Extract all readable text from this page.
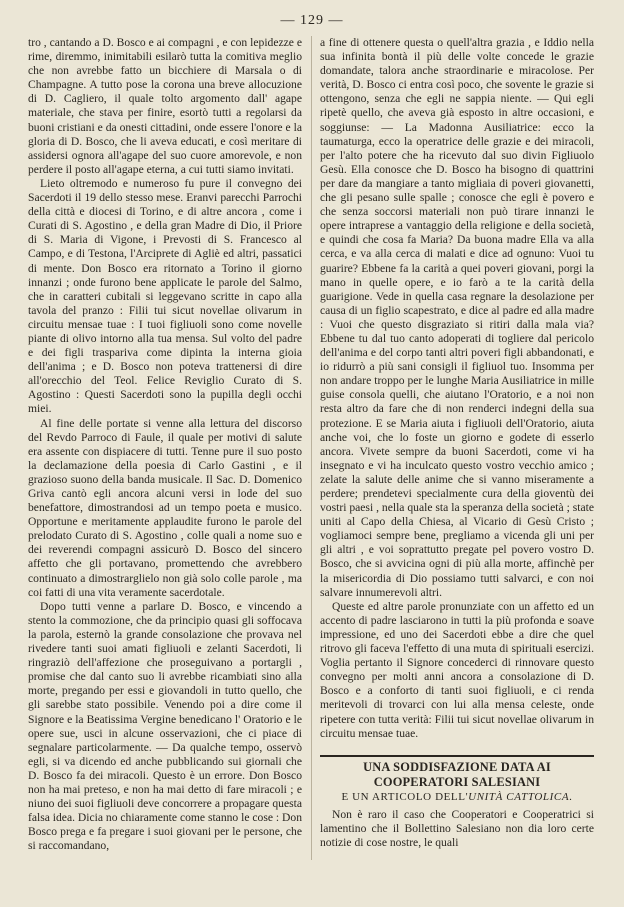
— 129 —

tro , cantando a D. Bosco e ai compagni , e con lepidezze e rime, diremmo, inimitabili esilarò tutta la comitiva meglio che non avrebbe fatto un bicchiere di Marsala o di Champagne. A tutto pose la corona una breve allocuzione di D. Cagliero, il quale tolto argomento dall' agape materiale, che stava per finire, esortò tutti a regolarsi da buoni cristiani e da onesti cittadini, onde essere l'onore e la gloria di D. Bosco, che li aveva educati, e così meritare di assidersi ognora all'agape del suo cuore amorevole, e non perdere il posto all'agape eterna, a cui tutti siamo invitati.

Lieto oltremodo e numeroso fu pure il convegno dei Sacerdoti il 19 dello stesso mese. Eranvi parecchi Parrochi della città e diocesi di Torino, e di altre ancora , come i Curati di S. Agostino , e della gran Madre di Dio, il Priore di S. Maria di Vigone, i Prevosti di S. Francesco al Campo, e di Testona, l'Arciprete di Agliè ed altri, passatici di mente. Don Bosco era ritornato a Torino il giorno innanzi ; onde furono bene applicate le parole del Salmo, che in caratteri cubitali si leggevano scritte in capo alla tavola del pranzo : Filii tui sicut novellae olivarum in circuitu mensae tuae : I tuoi figliuoli sono come novelle piante di olivo intorno alla tua mensa. Sul volto del padre e dei figli traspariva come dipinta la interna gioia dell'anima ; e D. Bosco non poteva trattenersi di dire all'orecchio del Teol. Felice Reviglio Curato di S. Agostino : Questi Sacerdoti sono la pupilla degli occhi miei.

Al fine delle portate si venne alla lettura del discorso del Revdo Parroco di Faule, il quale per motivi di salute era assente con dispiacere di tutti. Tenne pure il suo posto la declamazione della poesia di Carlo Gastini , e il grazioso suono della banda musicale. Il Sac. D. Domenico Griva cantò egli ancora alcuni versi in lode del suo benefattore, dimostrandosi ad un tempo poeta e musico. Opportune e meritamente applaudite furono le parole del prelodato Curato di S. Agostino , colle quali a nome suo e dei reverendi compagni assicurò D. Bosco del sincero affetto che gli portavano, promettendo che avrebbero continuato a dimostrarglielo non già solo colle parole , ma coi fatti di una vita veramente sacerdotale.

Dopo tutti venne a parlare D. Bosco, e vincendo a stento la commozione, che da principio quasi gli soffocava la parola, esternò la grande consolazione che provava nel rivedere tanti suoi amati figliuoli e zelanti Sacerdoti, li ringraziò dell'affezione che proseguivano a portargli , promise che dal canto suo li avrebbe ricambiati sino alla morte, pregando per essi e giovandoli in tutto quello, che gli sarebbe stato possibile. Venendo poi a dire come il Signore e la Beatissima Vergine benedicano l' Oratorio e le opere sue, usci in alcune osservazioni, che ci piace di segnalare particolarmente. — Da qualche tempo, osservò egli, si va dicendo ed anche pubblicando sui giornali che D. Bosco fa dei miracoli. Questo è un errore. Don Bosco non ha mai preteso, e non ha mai detto di fare miracoli ; e niuno dei suoi figliuoli deve concorrere a propagare questa falsa idea. Dicia no chiaramente come stanno le cose : Don Bosco prega e fa pregare i suoi giovani per le persone, che si raccomandano,

a fine di ottenere questa o quell'altra grazia , e Iddio nella sua infinita bontà il più delle volte concede le grazie domandate, talora anche straordinarie e miracolose. Per verità, D. Bosco ci entra così poco, che sovente le grazie si ottengono, senza che egli ne sappia niente. — Qui egli ripetè quello, che aveva già esposto in altre occasioni, e soggiunse: — La Madonna Ausiliatrice: ecco la taumaturga, ecco la operatrice delle grazie e dei miracoli, per l'alto potere che ha ricevuto dal suo divin Figliuolo Gesù. Ella conosce che D. Bosco ha bisogno di quattrini per dare da mangiare a tanto migliaia di poveri giovanetti, che gli pesano sulle spalle ; conosce che egli è povero e che senza soccorsi materiali non può tirare innanzi le opere intraprese a vantaggio della religione e della società, e quindi che cosa fa Maria? Da buona madre Ella va alla cerca, e va alla cerca di malati e dice ad ognuno: Vuoi tu guarire? Ebbene fa la carità a quei poveri giovani, porgi la mano in quelle opere, e io farò a te la carità della guarigione. Vede in quella casa regnare la desolazione per causa di un figlio scapestrato, e dice al padre ed alla madre : Vuoi che questo disgraziato si ritiri dalla mala via? Ebbene tu dal tuo canto adoperati di togliere dal pericolo dell'anima e del corpo tanti altri poveri figli abbandonati, e io ridurrò a più sani consigli il figliuol tuo. Insomma per non andare troppo per le lunghe Maria Ausiliatrice in mille guise consola quelli, che aiutano l'Oratorio, e a noi non resta altro da fare che di non renderci indegni della sua protezione. E se Maria aiuta i figliuoli dell'Oratorio, aiuta anche voi, che lo foste un giorno e godete di esserlo ancora. Vivete sempre da buoni Sacerdoti, come vi ha insegnato e vi ha inculcato questo vostro vecchio amico ; zelate la salute delle anime che si vanno miseramente a perdere; prendetevi specialmente cura della gioventù dei vostri paesi , nella quale sta la speranza della società ; state uniti al Capo della Chiesa, al Vicario di Gesù Cristo ; vogliamoci sempre bene, pregliamo a vicenda gli uni per gli altri , e voi soprattutto pregate pel povero vostro D. Bosco, che si avvicina ogni di più alla morte, affinchè per la misericordia di Dio possiamo tutti salvarci, e con noi salvare innumerevoli altri.

Queste ed altre parole pronunziate con un affetto ed un accento di padre lasciarono in tutti la più profonda e soave impressione, ed uno dei Sacerdoti ebbe a dire che quel ritrovo gli faceva l'effetto di una muta di spirituali esercizi. Voglia pertanto il Signore concederci di rinnovare questo convegno per molti anni ancora a consolazione di D. Bosco e a conforto di tanti suoi figliuoli, e ci renda meritevoli di trovarci con lui alla mensa celeste, onde ripetere con tutta verità: Filii tui sicut novellae olivarum in circuitu mensae tuae.

UNA SODDISFAZIONE DATA AI COOPERATORI SALESIANI
E UN ARTICOLO DELL'UNITÀ CATTOLICA.

Non è raro il caso che Cooperatori e Cooperatrici si lamentino che il Bollettino Salesiano non dia loro certe notizie di cose nostre, le quali
